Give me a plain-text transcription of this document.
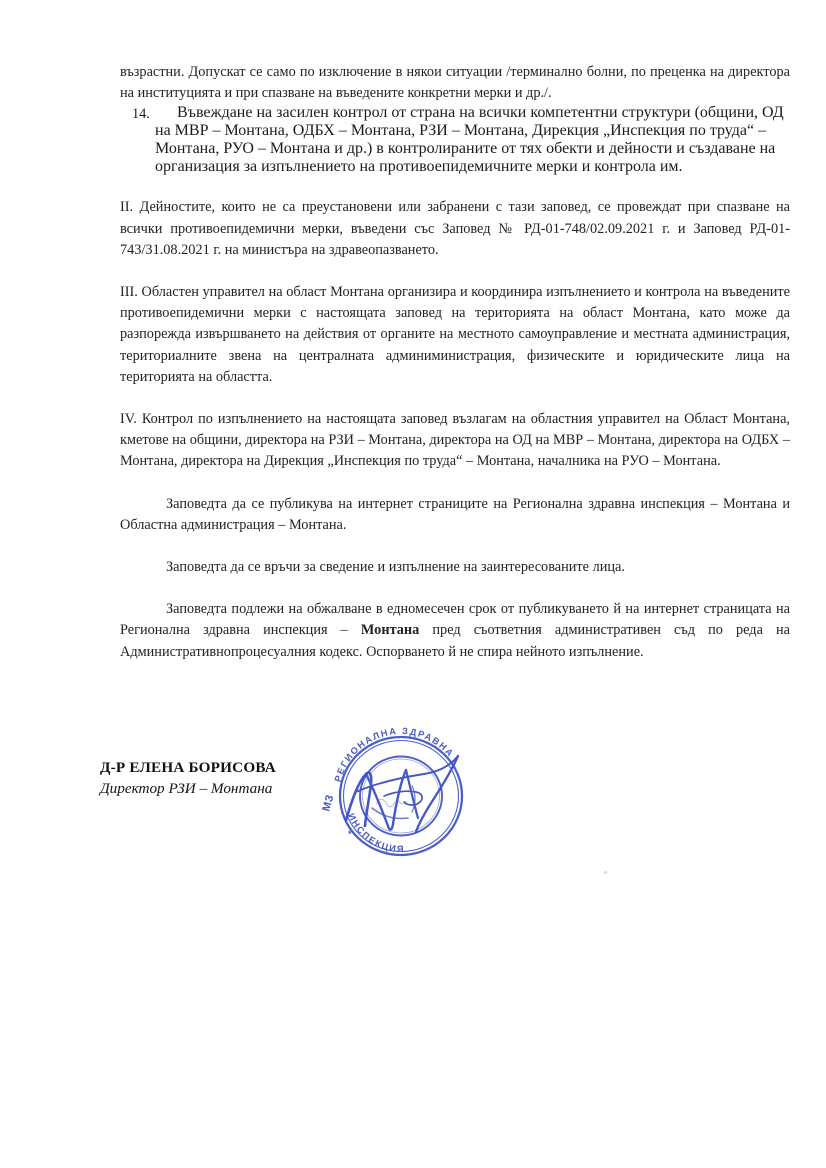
възрастни. Допускат се само по изключение в някои ситуации /терминално болни, по преценка на директора на институцията и при спазване на въведените конкретни мерки и др./.

14.	Въвеждане на засилен контрол от страна на всички компетентни структури (общини, ОД на МВР – Монтана, ОДБХ – Монтана, РЗИ – Монтана, Дирекция „Инспекция по труда“ – Монтана, РУО – Монтана и др.) в контролираните от тях обекти и дейности и създаване на организация за изпълнението на противоепидемичните мерки и контрола им.

II. Дейностите, които не са преустановени или забранени с тази заповед, се провеждат при спазване на всички противоепидемични мерки, въведени със Заповед № РД-01-748/02.09.2021 г. и Заповед РД-01-743/31.08.2021 г. на министъра на здравеопазването.

III. Областен управител на област Монтана организира и координира изпълнението и контрола на въведените противоепидемични мерки с настоящата заповед на територията на област Монтана, като може да разпорежда извършването на действия от органите на местното самоуправление и местната администрация, териториалните звена на централната админиминистрация, физическите и юридическите лица на територията на областта.

IV. Контрол по изпълнението на настоящата заповед възлагам на областния управител на Област Монтана, кметове на общини, директора на РЗИ – Монтана, директора на ОД на МВР – Монтана, директора на ОДБХ – Монтана, директора на Дирекция „Инспекция по труда“ – Монтана, началника на РУО – Монтана.

Заповедта да се публикува на интернет страниците на Регионална здравна инспекция – Монтана и Областна администрация – Монтана.

Заповедта да се връчи за сведение и изпълнение на заинтересованите лица.

Заповедта подлежи на обжалване в едномесечен срок от публикуването й на интернет страницата на Регионална здравна инспекция – Монтана пред съответния административен съд по реда на Административнопроцесуалния кодекс. Оспорването й не спира нейното изпълнение.

Д-Р ЕЛЕНА БОРИСОВА
Директор РЗИ – Монтана
РЕГИОНАЛНА ЗДРАВНА
ИНСПЕКЦИЯ
МЗ
*
